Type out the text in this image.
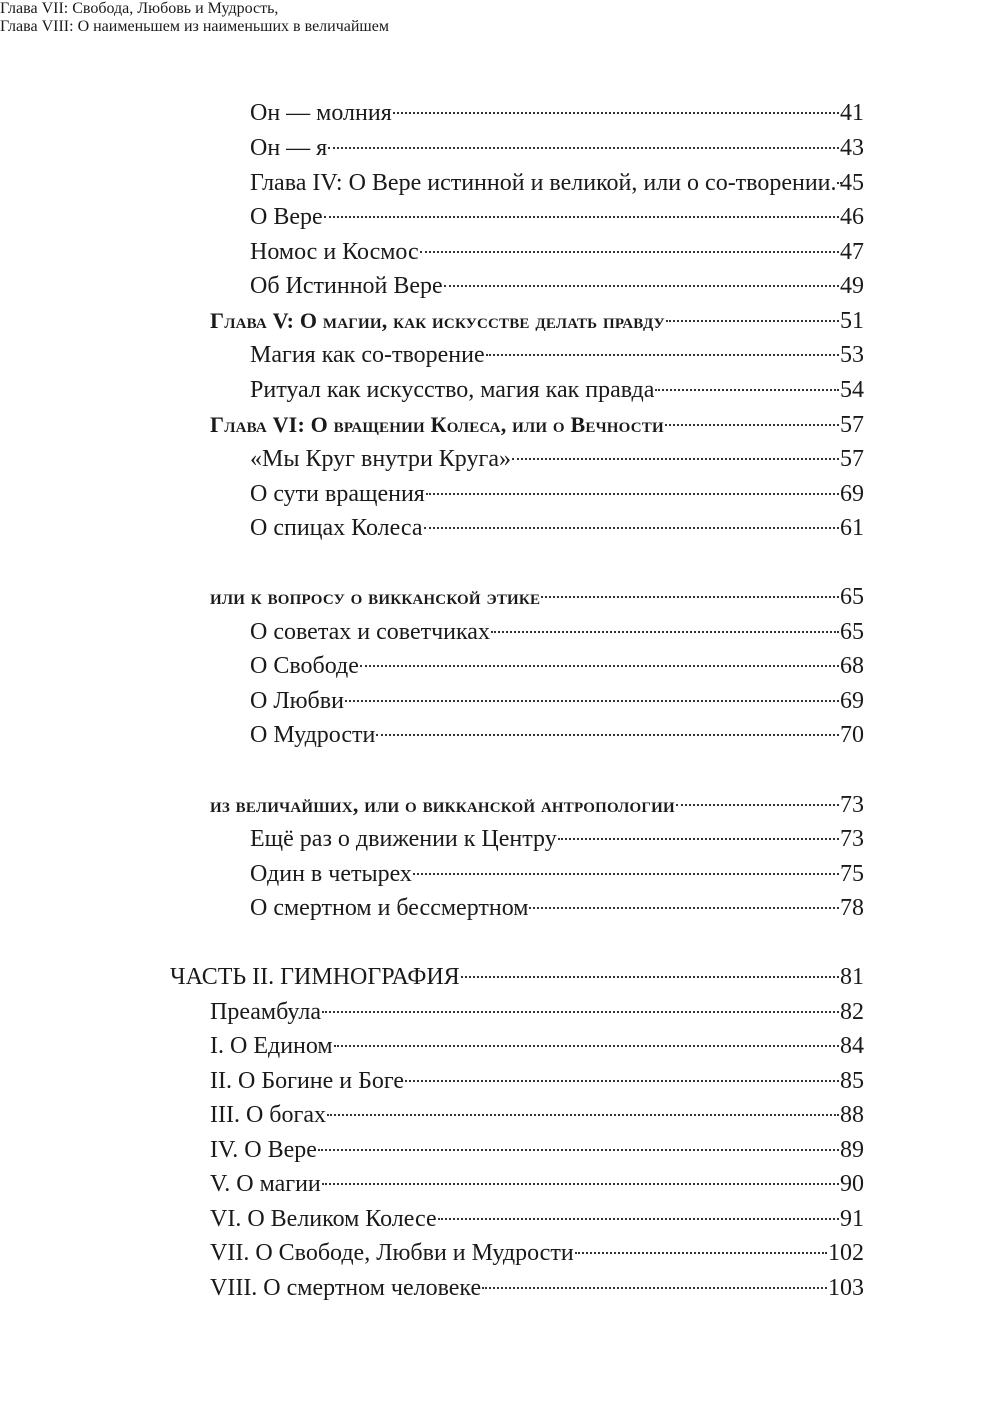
Он — молния	41
Он — я	43
Глава IV: О Вере истинной и великой, или о со-творении. 45
О Вере	46
Номос и Космос	47
Об Истинной Вере	49
Глава V: О магии, как искусстве делать правду	51
Магия как со-творение	53
Ритуал как искусство, магия как правда	54
Глава VI: О вращении Колеса, или о Вечности	57
«Мы Круг внутри Круга»	57
О сути вращения	69
О спицах Колеса	61
Глава VII: Свобода, Любовь и Мудрость,
или к вопросу о викканской этике	65
О советах и советчиках	65
О Свободе	68
О Любви	69
О Мудрости	70
Глава VIII: О наименьшем из наименьших в величайшем
из величайших, или о викканской антропологии	73
Ещё раз о движении к Центру	73
Один в четырех	75
О смертном и бессмертном	78
ЧАСТЬ II. ГИМНОГРАФИЯ	81
Преамбула	82
I. О Едином	84
II. О Богине и Боге	85
III. О богах	88
IV. О Вере	89
V. О магии	90
VI. О Великом Колесе	91
VII. О Свободе, Любви и Мудрости	102
VIII. О смертном человеке	103
